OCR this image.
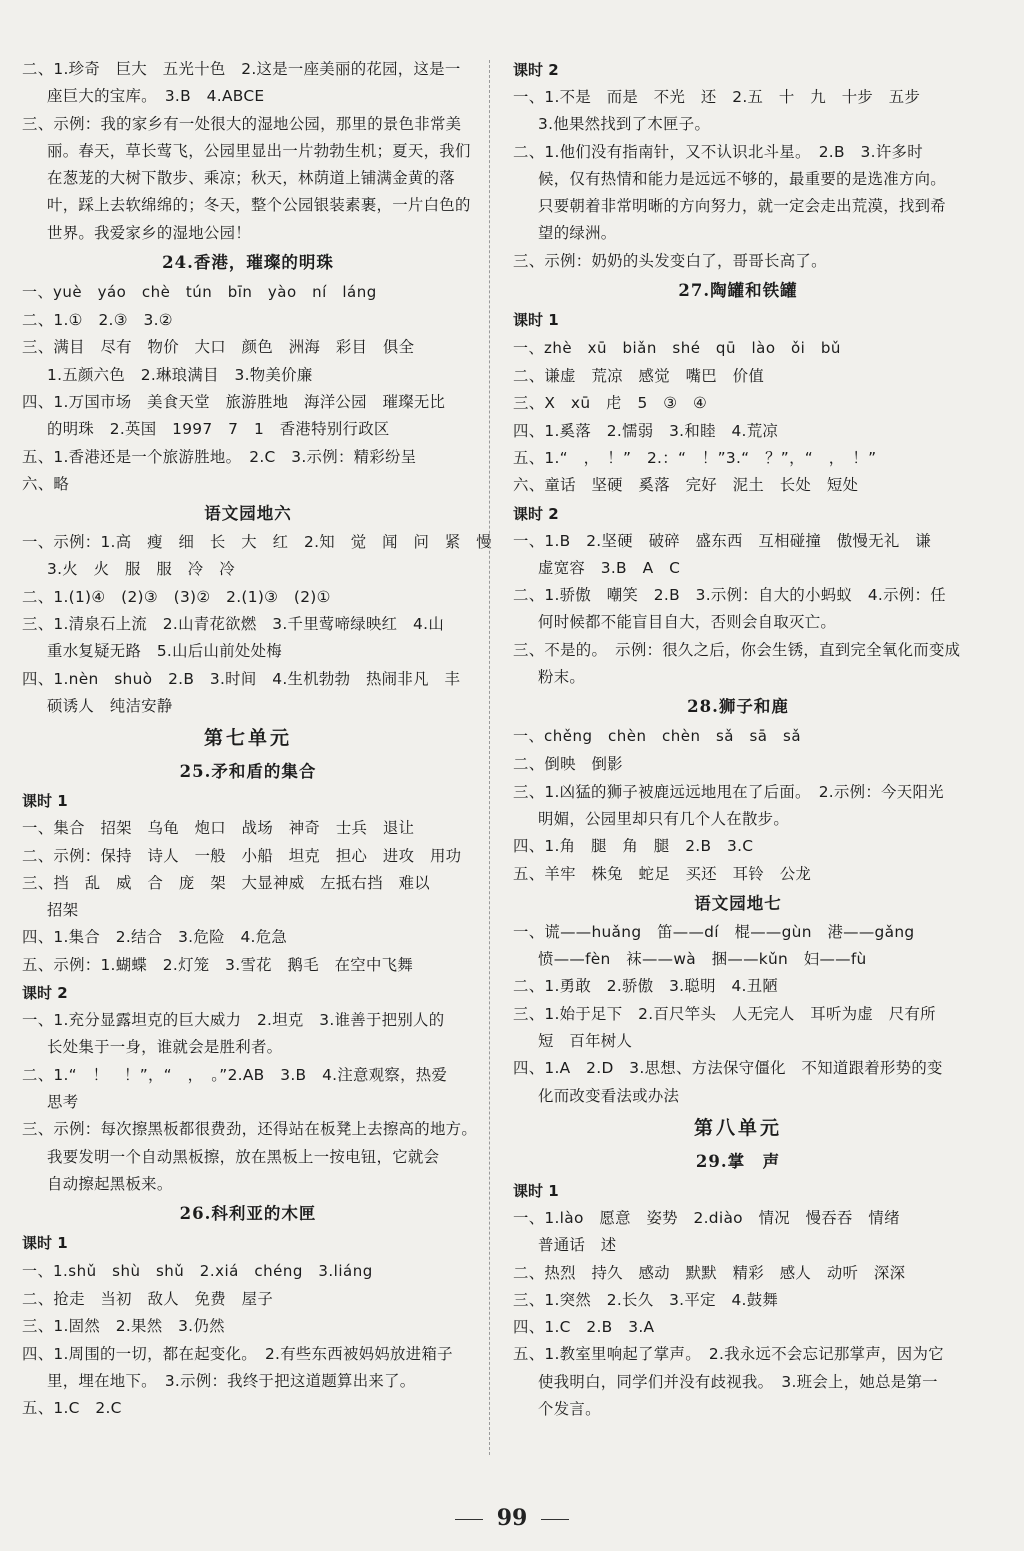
二、1.珍奇　巨大　五光十色　2.这是一座美丽的花园，这是一
座巨大的宝库。　3.B　4.ABCE
三、示例：我的家乡有一处很大的湿地公园，那里的景色非常美
丽。春天，草长莺飞，公园里显出一片勃勃生机；夏天，我们
在葱茏的大树下散步、乘凉；秋天，林荫道上铺满金黄的落
叶，踩上去软绵绵的；冬天，整个公园银装素裹，一片白色的
世界。我爱家乡的湿地公园！
24.香港，璀璨的明珠
一、yuè　yáo　chè　tún　bīn　yào　ní　láng
二、1.①　2.③　3.②
三、满目　尽有　物价　大口　颜色　洲海　彩目　俱全
1.五颜六色　2.琳琅满目　3.物美价廉
四、1.万国市场　美食天堂　旅游胜地　海洋公园　璀璨无比
的明珠　2.英国　1997　7　1　香港特别行政区
五、1.香港还是一个旅游胜地。　2.C　3.示例：精彩纷呈
六、略
语文园地六
一、示例：1.高　瘦　细　长　大　红　2.知　觉　闻　问　紧　慢
3.火　火　服　服　冷　冷
二、1.(1)④　(2)③　(3)②　2.(1)③　(2)①
三、1.清泉石上流　2.山青花欲燃　3.千里莺啼绿映红　4.山
重水复疑无路　5.山后山前处处梅
四、1.nèn　shuò　2.B　3.时间　4.生机勃勃　热闹非凡　丰
硕诱人　纯洁安静
第七单元
25.矛和盾的集合
课时 1
一、集合　招架　乌龟　炮口　战场　神奇　士兵　退让
二、示例：保持　诗人　一般　小船　坦克　担心　进攻　用功
三、挡　乱　威　合　庞　架　大显神威　左抵右挡　难以
招架
四、1.集合　2.结合　3.危险　4.危急
五、示例：1.蝴蝶　2.灯笼　3.雪花　鹅毛　在空中飞舞
课时 2
一、1.充分显露坦克的巨大威力　2.坦克　3.谁善于把别人的
长处集于一身，谁就会是胜利者。
二、1.“　！　！”，“　，　。”2.AB　3.B　4.注意观察，热爱
思考
三、示例：每次擦黑板都很费劲，还得站在板凳上去擦高的地方。
我要发明一个自动黑板擦，放在黑板上一按电钮，它就会
自动擦起黑板来。
26.科利亚的木匣
课时 1
一、1.shǔ　shù　shǔ　2.xiá　chéng　3.liáng
二、抢走　当初　敌人　免费　屋子
三、1.固然　2.果然　3.仍然
四、1.周围的一切，都在起变化。　2.有些东西被妈妈放进箱子
里，埋在地下。　3.示例：我终于把这道题算出来了。
五、1.C　2.C
课时 2
一、1.不是　而是　不光　还　2.五　十　九　十步　五步
3.他果然找到了木匣子。
二、1.他们没有指南针，又不认识北斗星。　2.B　3.许多时
候，仅有热情和能力是远远不够的，最重要的是选准方向。
只要朝着非常明晰的方向努力，就一定会走出荒漠，找到希
望的绿洲。
三、示例：奶奶的头发变白了，哥哥长高了。
27.陶罐和铁罐
课时 1
一、zhè　xū　biǎn　shé　qū　lào　ǒi　bǔ
二、谦虚　荒凉　感觉　嘴巴　价值
三、X　xū　虍　5　③　④
四、1.奚落　2.懦弱　3.和睦　4.荒凉
五、1.“　，　！”　2.：“　！”3.“　？”，“　，　！”
六、童话　坚硬　奚落　完好　泥土　长处　短处
课时 2
一、1.B　2.坚硬　破碎　盛东西　互相碰撞　傲慢无礼　谦
虚宽容　3.B　A　C
二、1.骄傲　嘲笑　2.B　3.示例：自大的小蚂蚁　4.示例：任
何时候都不能盲目自大，否则会自取灭亡。
三、不是的。　示例：很久之后，你会生锈，直到完全氧化而变成
粉末。
28.狮子和鹿
一、chěng　chèn　chèn　sǎ　sā　sǎ
二、倒映　倒影
三、1.凶猛的狮子被鹿远远地甩在了后面。　2.示例：今天阳光
明媚，公园里却只有几个人在散步。
四、1.角　腿　角　腿　2.B　3.C
五、羊牢　株兔　蛇足　买还　耳铃　公龙
语文园地七
一、谎——huǎng　笛——dí　棍——gùn　港——gǎng
愤——fèn　袜——wà　捆——kǔn　妇——fù
二、1.勇敢　2.骄傲　3.聪明　4.丑陋
三、1.始于足下　2.百尺竿头　人无完人　耳听为虚　尺有所
短　百年树人
四、1.A　2.D　3.思想、方法保守僵化　不知道跟着形势的变
化而改变看法或办法
第八单元
29.掌　声
课时 1
一、1.lào　愿意　姿势　2.diào　情况　慢吞吞　情绪
普通话　述
二、热烈　持久　感动　默默　精彩　感人　动听　深深
三、1.突然　2.长久　3.平定　4.鼓舞
四、1.C　2.B　3.A
五、1.教室里响起了掌声。　2.我永远不会忘记那掌声，因为它
使我明白，同学们并没有歧视我。　3.班会上，她总是第一
个发言。
99
